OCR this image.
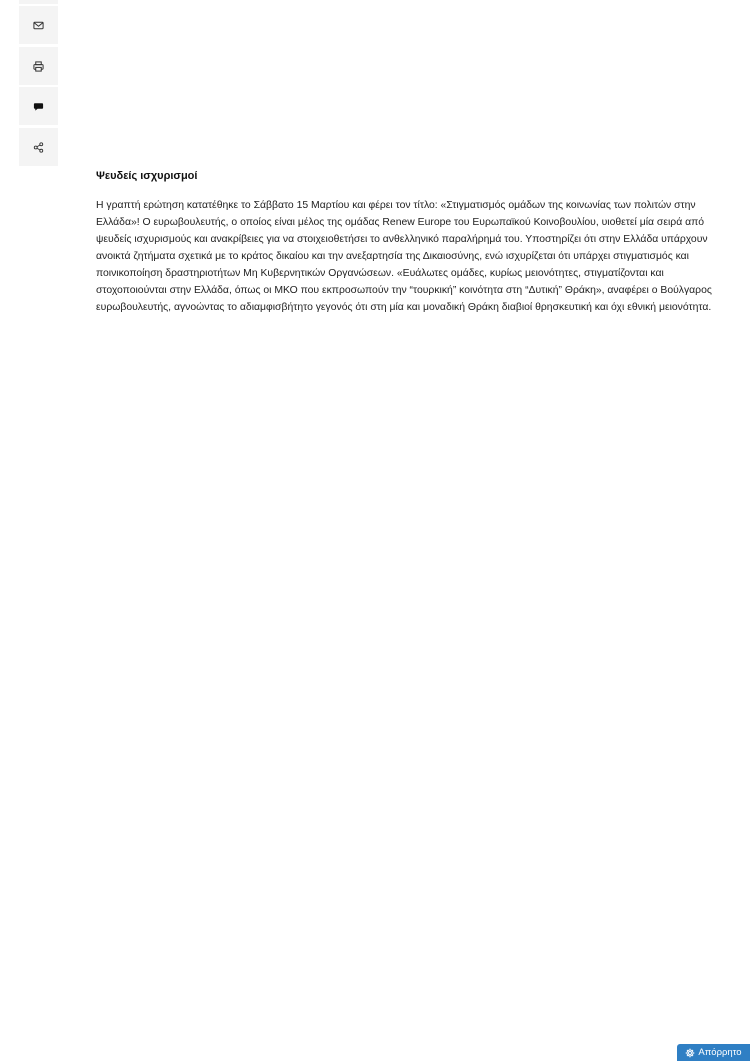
Ψευδείς ισχυρισμοί

Η γραπτή ερώτηση κατατέθηκε το Σάββατο 15 Μαρτίου και φέρει τον τίτλο: «Στιγματισμός ομάδων της κοινωνίας των πολιτών στην Ελλάδα»! Ο ευρωβουλευτής, ο οποίος είναι μέλος της ομάδας Renew Europe του Ευρωπαϊκού Κοινοβουλίου, υιοθετεί μία σειρά από ψευδείς ισχυρισμούς και ανακρίβειες για να στοιχειοθετήσει το ανθελληνικό παραλήρημά του. Υποστηρίζει ότι στην Ελλάδα υπάρχουν ανοικτά ζητήματα σχετικά με το κράτος δικαίου και την ανεξαρτησία της Δικαιοσύνης, ενώ ισχυρίζεται ότι υπάρχει στιγματισμός και ποινικοποίηση δραστηριοτήτων Μη Κυβερνητικών Οργανώσεων. «Ευάλωτες ομάδες, κυρίως μειονότητες, στιγματίζονται και στοχοποιούνται στην Ελλάδα, όπως οι ΜΚΟ που εκπροσωπούν την “τουρκική” κοινότητα στη “Δυτική” Θράκη», αναφέρει ο Βούλγαρος ευρωβουλευτής, αγνοώντας το αδιαμφισβήτητο γεγονός ότι στη μία και μοναδική Θράκη διαβιοί θρησκευτική και όχι εθνική μειονότητα.

Απόρρητο
